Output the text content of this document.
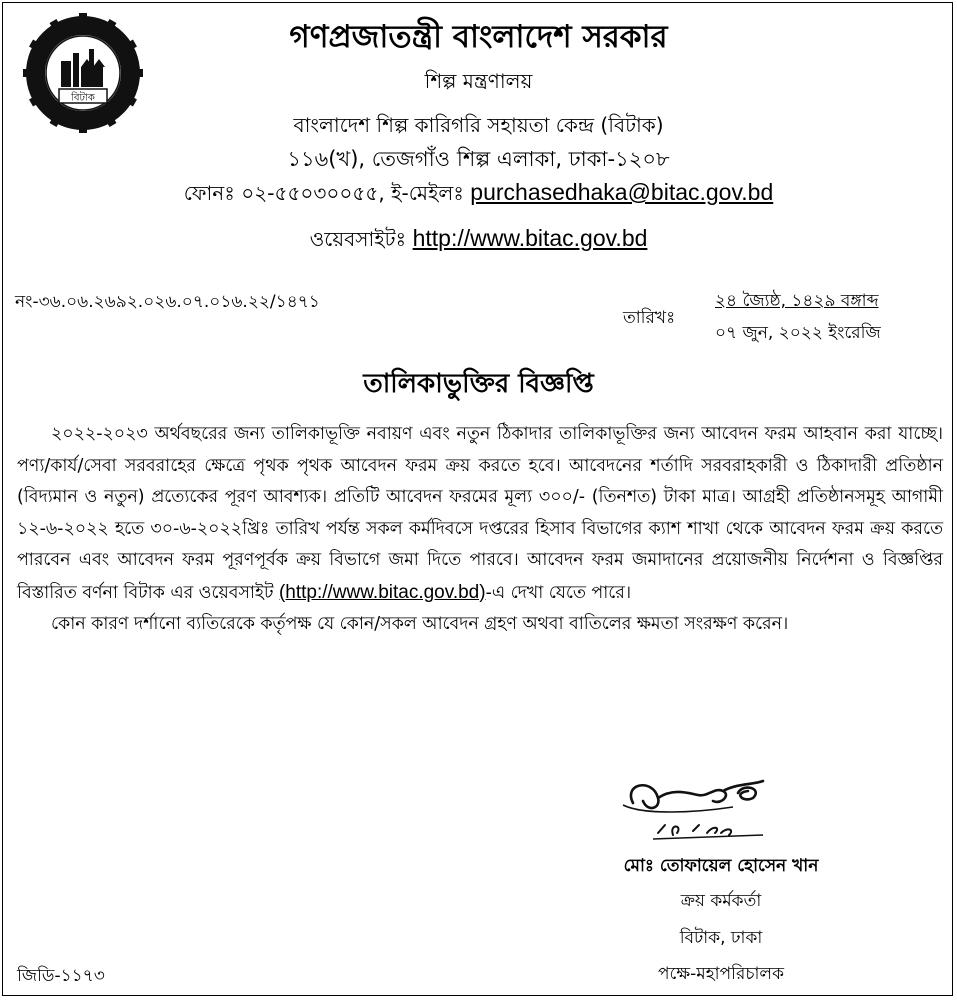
বিটাক
গণপ্রজাতন্ত্রী বাংলাদেশ সরকার
শিল্প মন্ত্রণালয়
বাংলাদেশ শিল্প কারিগরি সহায়তা কেন্দ্র (বিটাক)
১১৬(খ), তেজগাঁও শিল্প এলাকা, ঢাকা-১২০৮
ফোনঃ ০২-৫৫০৩০০৫৫, ই-মেইলঃ purchasedhaka@bitac.gov.bd
ওয়েবসাইটঃ http://www.bitac.gov.bd
নং-৩৬.০৬.২৬৯২.০২৬.০৭.০১৬.২২/১৪৭১
তারিখঃ
২৪ জ্যৈষ্ঠ, ১৪২৯ বঙ্গাব্দ
০৭ জুন, ২০২২ ইংরেজি
তালিকাভুক্তির বিজ্ঞপ্তি

২০২২-২০২৩ অর্থবছরের জন্য তালিকাভূক্তি নবায়ণ এবং নতুন ঠিকাদার তালিকাভূক্তির জন্য আবেদন ফরম আহবান করা যাচ্ছে। পণ্য/কার্য/সেবা সরবরাহের ক্ষেত্রে পৃথক পৃথক আবেদন ফরম ক্রয় করতে হবে। আবেদনের শর্তাদি সরবরাহকারী ও ঠিকাদারী প্রতিষ্ঠান (বিদ্যমান ও নতুন) প্রত্যেকের পূরণ আবশ্যক। প্রতিটি আবেদন ফরমের মূল্য ৩০০/- (তিনশত) টাকা মাত্র। আগ্রহী প্রতিষ্ঠানসমূহ আগামী ১২-৬-২০২২ হতে ৩০-৬-২০২২খ্রিঃ তারিখ পর্যন্ত সকল কর্মদিবসে দপ্তরের হিসাব বিভাগের ক্যাশ শাখা থেকে আবেদন ফরম ক্রয় করতে পারবেন এবং আবেদন ফরম পূরণপূর্বক ক্রয় বিভাগে জমা দিতে পারবে। আবেদন ফরম জমাদানের প্রয়োজনীয় নির্দেশনা ও বিজ্ঞপ্তির বিস্তারিত বর্ণনা বিটাক এর ওয়েবসাইট (http://www.bitac.gov.bd)-এ দেখা যেতে পারে।

কোন কারণ দর্শানো ব্যতিরেকে কর্তৃপক্ষ যে কোন/সকল আবেদন গ্রহণ অথবা বাতিলের ক্ষমতা সংরক্ষণ করেন।

মোঃ তোফায়েল হোসেন খান
ক্রয় কর্মকর্তা
বিটাক, ঢাকা
পক্ষে-মহাপরিচালক
জিডি-১১৭৩
